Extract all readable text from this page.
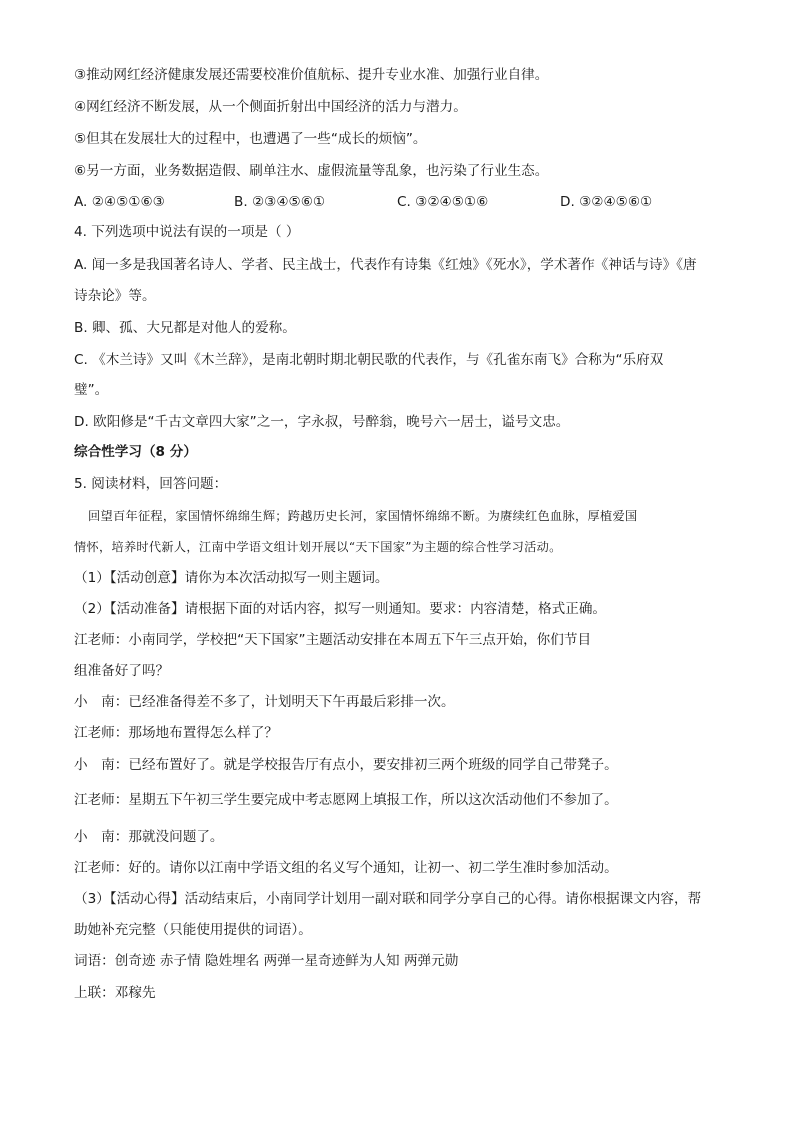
③推动网红经济健康发展还需要校准价值航标、提升专业水准、加强行业自律。
④网红经济不断发展，从一个侧面折射出中国经济的活力与潜力。
⑤但其在发展壮大的过程中，也遭遇了一些“成长的烦恼”。
⑥另一方面，业务数据造假、刷单注水、虚假流量等乱象，也污染了行业生态。
A. ②④⑤①⑥③	B. ②③④⑤⑥①	C. ③②④⑤①⑥	D. ③②④⑤⑥①
4. 下列选项中说法有误的一项是（ ）
A. 闻一多是我国著名诗人、学者、民主战士，代表作有诗集《红烛》《死水》，学术著作《神话与诗》《唐
诗杂论》等。
B. 卿、孤、大兄都是对他人的爱称。
C. 《木兰诗》又叫《木兰辞》，是南北朝时期北朝民歌的代表作，与《孔雀东南飞》合称为“乐府双
璧”。
D. 欧阳修是“千古文章四大家”之一，字永叔，号醉翁，晚号六一居士，谥号文忠。
综合性学习（8 分）
5. 阅读材料，回答问题：
回望百年征程，家国情怀绵绵生辉；跨越历史长河，家国情怀绵绵不断。为赓续红色血脉，厚植爱国
情怀，培养时代新人，江南中学语文组计划开展以“天下国家”为主题的综合性学习活动。
（1）【活动创意】请你为本次活动拟写一则主题词。
（2）【活动准备】请根据下面的对话内容，拟写一则通知。要求：内容清楚，格式正确。
江老师：小南同学，学校把“天下国家”主题活动安排在本周五下午三点开始，你们节目
组准备好了吗？
小　南：已经准备得差不多了，计划明天下午再最后彩排一次。
江老师：那场地布置得怎么样了？
小　南：已经布置好了。就是学校报告厅有点小，要安排初三两个班级的同学自己带凳子。
江老师：星期五下午初三学生要完成中考志愿网上填报工作，所以这次活动他们不参加了。
小　南：那就没问题了。
江老师：好的。请你以江南中学语文组的名义写个通知，让初一、初二学生准时参加活动。
（3）【活动心得】活动结束后，小南同学计划用一副对联和同学分享自己的心得。请你根据课文内容，帮
助她补充完整（只能使用提供的词语）。
词语：创奇迹 赤子情 隐姓埋名 两弹一星奇迹鲜为人知 两弹元勋
上联：邓稼先
